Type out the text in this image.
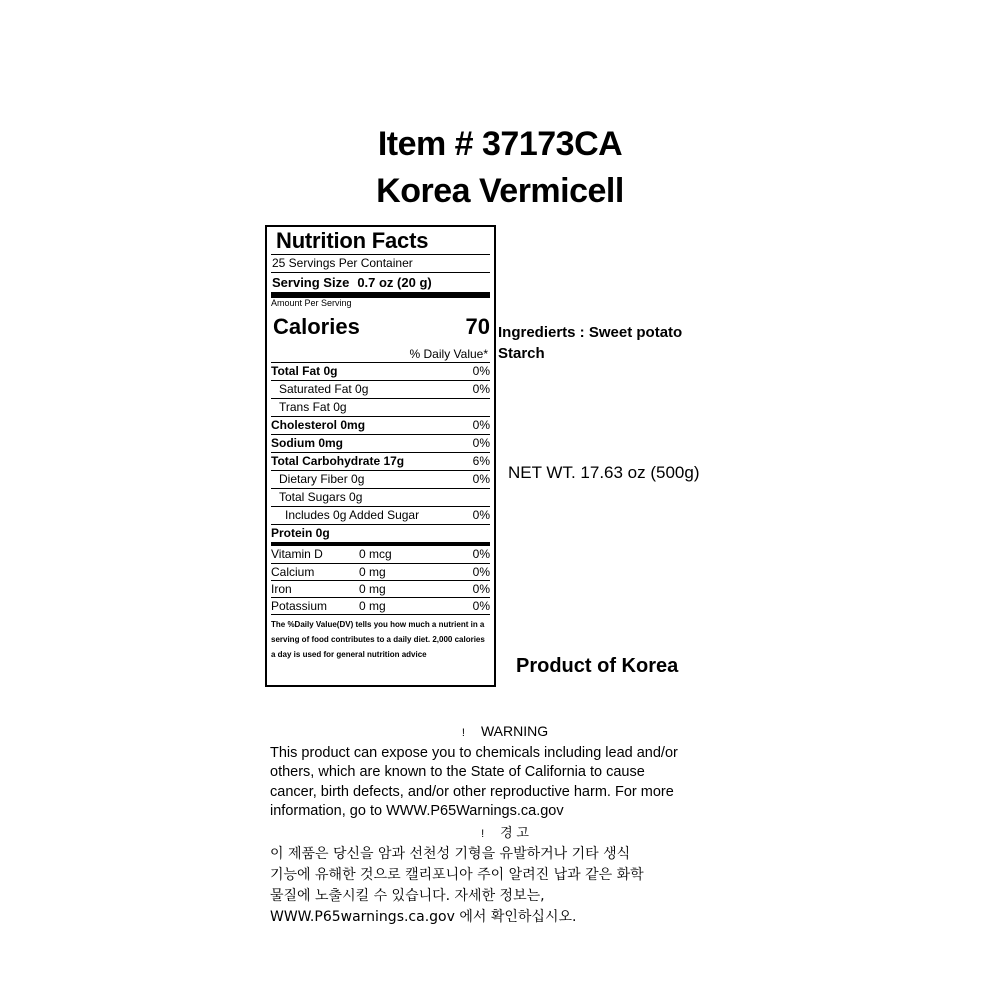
Item # 37173CA
Korea Vermicell
Nutrition Facts
25 Servings Per Container
Serving Size 0.7 oz (20 g)
Amount Per Serving
Calories	70
% Daily Value*
Total Fat 0g	0%
Saturated Fat 0g	0%
Trans Fat 0g
Cholesterol 0mg	0%
Sodium 0mg	0%
Total Carbohydrate 17g	6%
Dietary Fiber 0g	0%
Total Sugars 0g
Includes 0g Added Sugar	0%
Protein 0g
Vitamin D	0 mcg	0%
Calcium	0 mg	0%
Iron	0 mg	0%
Potassium	0 mg	0%
The %Daily Value(DV) tells you how much a nutrient in a serving of food contributes to a daily diet. 2,000 calories a day is used for general nutrition advice
Ingredierts : Sweet potato Starch
NET WT. 17.63 oz (500g)
Product of Korea
! WARNING
This product can expose you to chemicals including lead and/or
others, which are known to the State of California to cause
cancer, birth defects, and/or other reproductive harm. For more
information, go to WWW.P65Warnings.ca.gov
! 경 고
이 제품은 당신을 암과 선천성 기형을 유발하거나 기타 생식
기능에 유해한 것으로 캘리포니아 주이 알려진 납과 같은 화학
물질에 노출시킬 수 있습니다. 자세한 정보는,
WWW.P65warnings.ca.gov 에서 확인하십시오.
